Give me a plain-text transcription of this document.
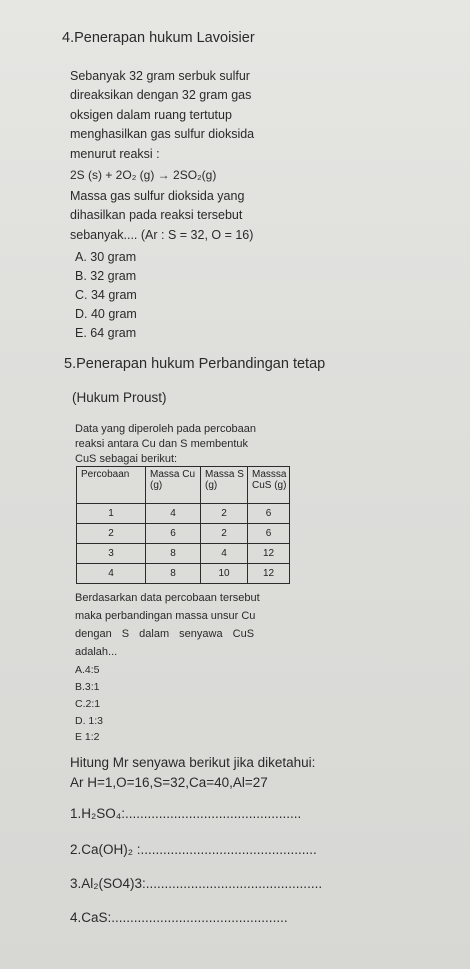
4.Penerapan hukum Lavoisier
Sebanyak 32 gram serbuk sulfur
direaksikan dengan 32 gram gas
oksigen dalam ruang tertutup
menghasilkan gas sulfur dioksida
menurut reaksi :
2S (s) + 2O₂ (g) → 2SO₂(g)
Massa gas sulfur dioksida yang
dihasilkan pada reaksi tersebut
sebanyak.... (Ar : S = 32, O = 16)
A. 30 gram
B. 32 gram
C. 34 gram
D. 40 gram
E. 64 gram
5.Penerapan hukum Perbandingan tetap
(Hukum Proust)
Data yang diperoleh pada percobaan
reaksi antara Cu dan S membentuk
CuS sebagai berikut:
Percobaan	Massa Cu (g)	Massa S (g)	Masssa CuS (g)
1	4	2	6
2	6	2	6
3	8	4	12
4	8	10	12
Berdasarkan data percobaan tersebut
maka perbandingan massa unsur Cu
dengan S dalam senyawa CuS
adalah...
A.4:5
B.3:1
C.2:1
D. 1:3
E 1:2
Hitung Mr senyawa berikut jika diketahui:
Ar H=1,O=16,S=32,Ca=40,Al=27
1.H₂SO₄:...............................................
2.Ca(OH)₂ :...............................................
3.Al₂(SO4)3:...............................................
4.CaS:...............................................
